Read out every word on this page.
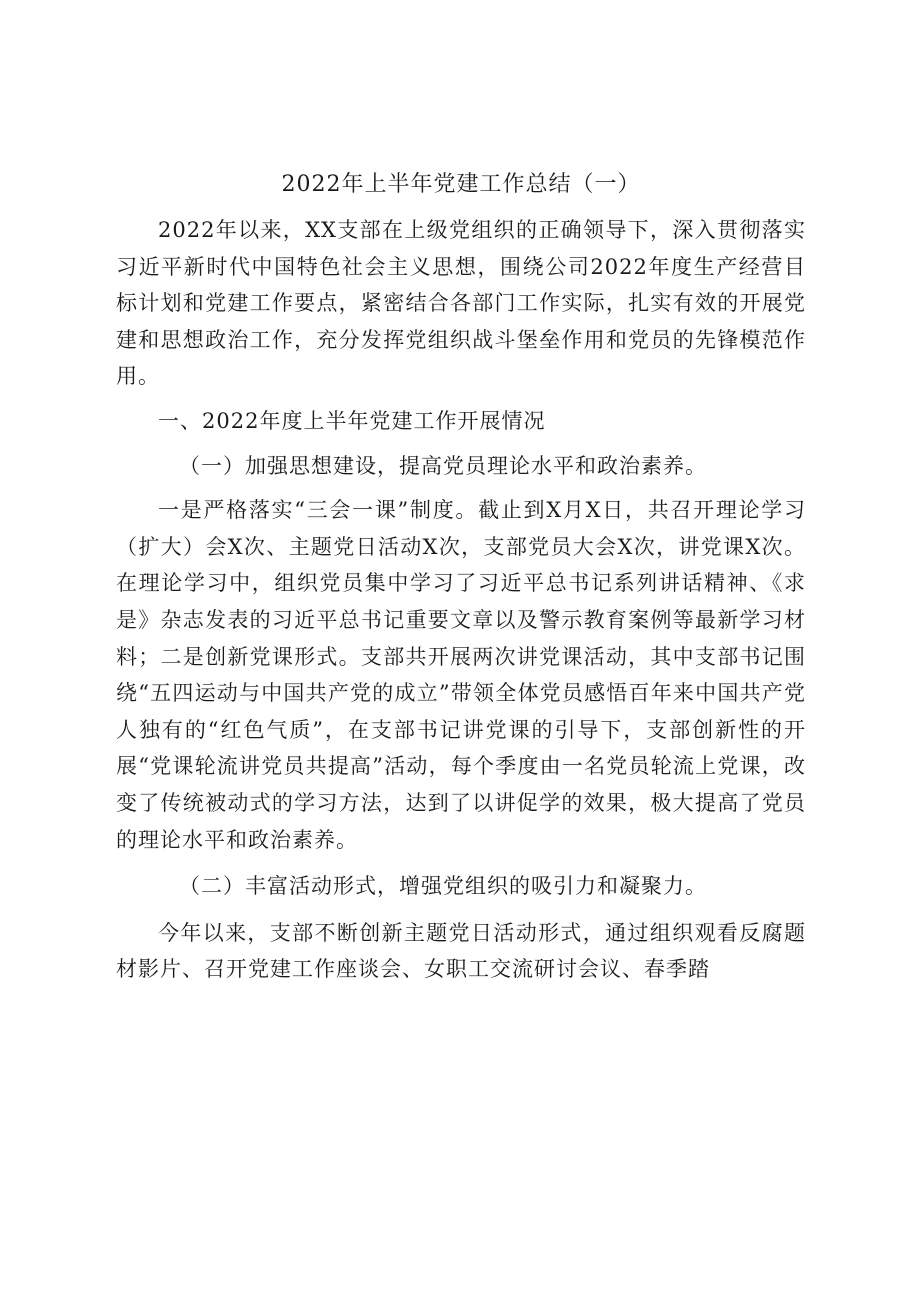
2022年上半年党建工作总结（一）

2022年以来，XX支部在上级党组织的正确领导下，深入贯彻落实习近平新时代中国特色社会主义思想，围绕公司2022年度生产经营目标计划和党建工作要点，紧密结合各部门工作实际，扎实有效的开展党建和思想政治工作，充分发挥党组织战斗堡垒作用和党员的先锋模范作用。

一、2022年度上半年党建工作开展情况

（一）加强思想建设，提高党员理论水平和政治素养。

一是严格落实“三会一课”制度。截止到X月X日，共召开理论学习（扩大）会X次、主题党日活动X次，支部党员大会X次，讲党课X次。在理论学习中，组织党员集中学习了习近平总书记系列讲话精神、《求是》杂志发表的习近平总书记重要文章以及警示教育案例等最新学习材料；二是创新党课形式。支部共开展两次讲党课活动，其中支部书记围绕“五四运动与中国共产党的成立”带领全体党员感悟百年来中国共产党人独有的“红色气质”，在支部书记讲党课的引导下，支部创新性的开展“党课轮流讲党员共提高”活动，每个季度由一名党员轮流上党课，改变了传统被动式的学习方法，达到了以讲促学的效果，极大提高了党员的理论水平和政治素养。

（二）丰富活动形式，增强党组织的吸引力和凝聚力。

今年以来，支部不断创新主题党日活动形式，通过组织观看反腐题材影片、召开党建工作座谈会、女职工交流研讨会议、春季踏
